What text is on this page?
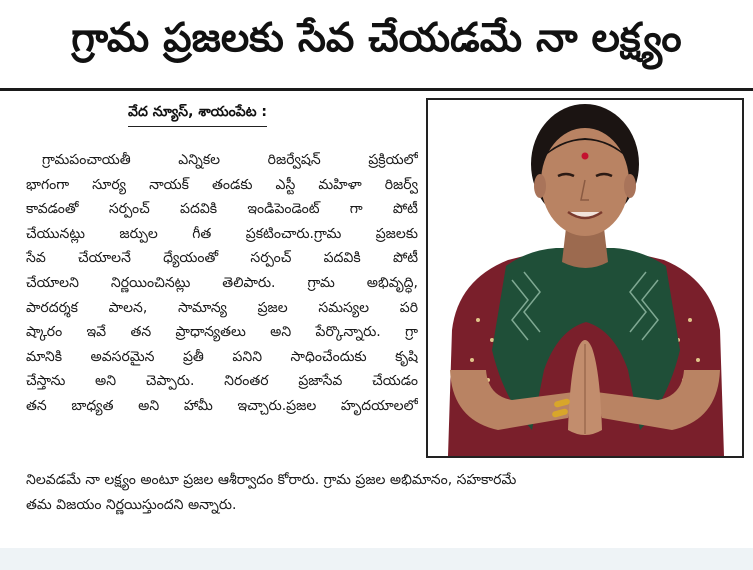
గ్రామ ప్రజలకు సేవ చేయడమే నా లక్ష్యం
వేద న్యూస్, శాయంపేట :
గ్రామపంచాయతీ ఎన్నికల రిజర్వేషన్ ప్రక్రియలో
భాగంగా సూర్య నాయక్ తండకు ఎస్టీ మహిళా రిజర్వ్
కావడంతో సర్పంచ్ పదవికి ఇండిపెండెంట్ గా పోటీ
చేయునట్లు జర్పుల గీత ప్రకటించారు.గ్రామ ప్రజలకు
సేవ చేయాలనే ధ్యేయంతో సర్పంచ్ పదవికి పోటీ
చేయాలని నిర్ణయించినట్లు తెలిపారు. గ్రామ అభివృద్ధి,
పారదర్శక పాలన, సామాన్య ప్రజల సమస్యల పరి
ష్కారం ఇవే తన ప్రాధాన్యతలు అని పేర్కొన్నారు. గ్రా
మానికి అవసరమైన ప్రతీ పనిని సాధించేందుకు కృషి
చేస్తాను అని చెప్పారు. నిరంతర ప్రజాసేవ చేయడం
తన బాధ్యత అని హామీ ఇచ్చారు.ప్రజల హృదయాలలో
నిలవడమే నా లక్ష్యం అంటూ ప్రజల ఆశీర్వాదం కోరారు. గ్రామ ప్రజల అభిమానం, సహకారమే
తమ విజయం నిర్ణయిస్తుందని అన్నారు.
